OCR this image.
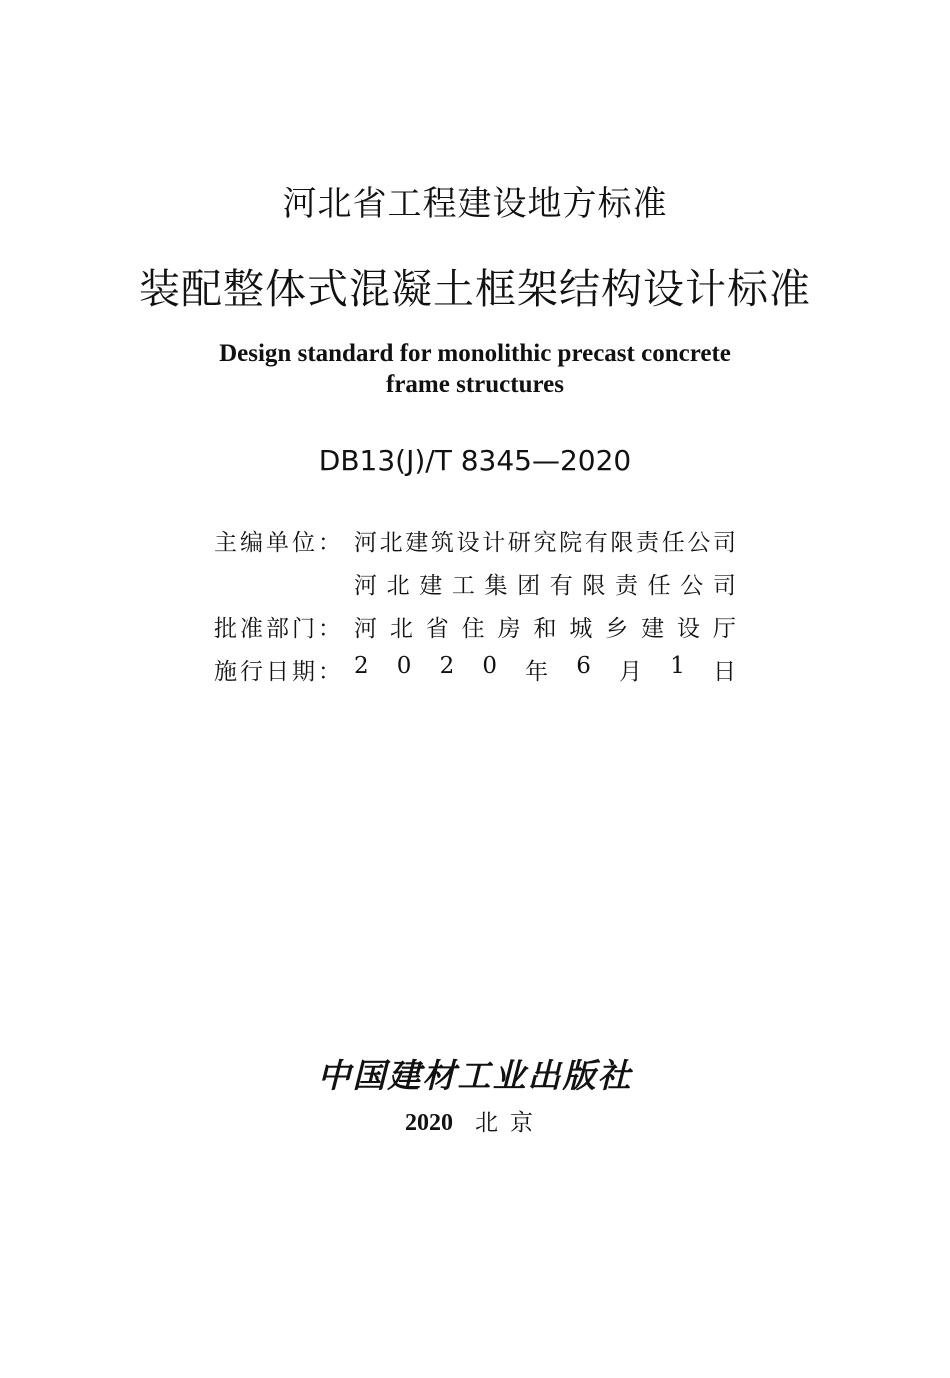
河北省工程建设地方标准
装配整体式混凝土框架结构设计标准
Design standard for monolithic precast concrete
frame structures
DB13(J)/T 8345—2020
主编单位： 河 北 建 筑 设 计 研 究 院 有 限 责 任 公 司
河 北 建 工 集 团 有 限 责 任 公 司
批准部门： 河 北 省 住 房 和 城 乡 建 设 厅
施行日期： 2 0 2 0 年 6 月 1 日
中国建材工业出版社
2020 北京
